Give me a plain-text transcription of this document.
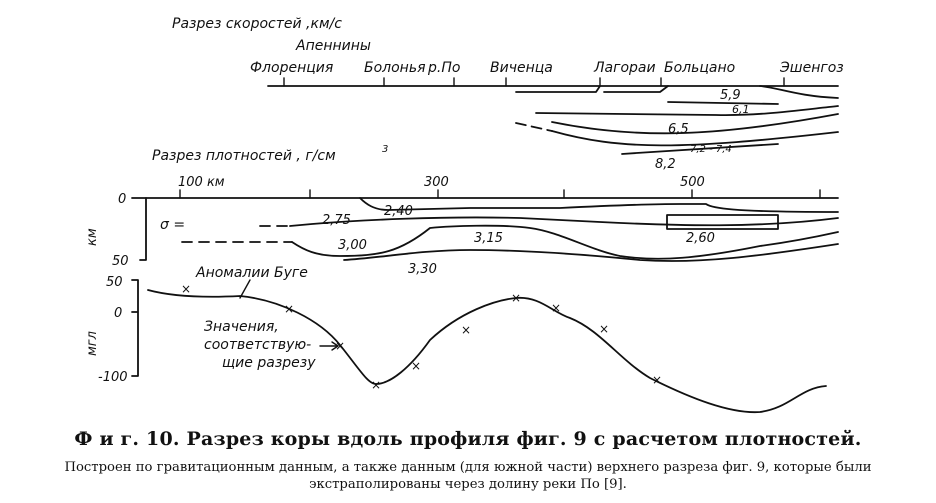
Разрез скоростей ,км/с
Апеннины
Флоренция Болонья р.По Виченца	Лагораи Больцано	Эшенгоз
5,9
6,1
6,5
7,2 - 7,4
8,2
Разрез плотностей , г/см	3
100 км	300	500
0
50
км
σ =
2,40
2,75
3,00	3,15	2,60
3,30
Аномалии Буге
50
0
-100
мгл
×
×
×
×
×
×
×
×
×
×
Значения,
соответствую-
щие разрезу

Ф и г. 10. Разрез коры вдоль профиля фиг. 9 с расчетом плотностей.

Построен по гравитационным данным, а также данным (для южной части) верхнего разреза фиг. 9, которые были экстраполированы через долину реки По [9].
